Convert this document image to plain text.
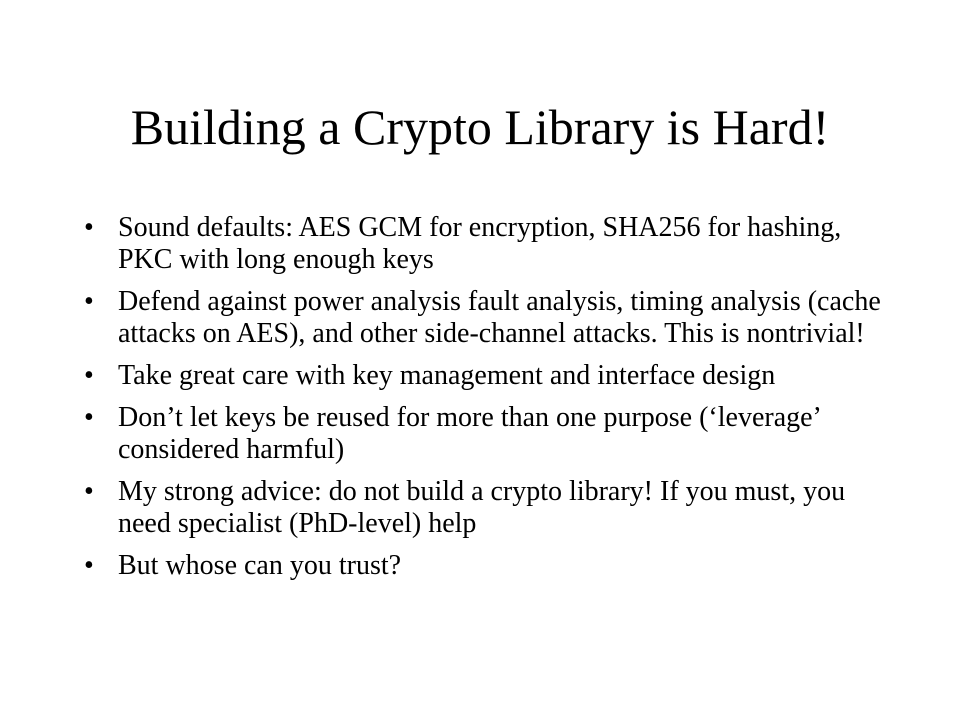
Building a Crypto Library is Hard!
• Sound defaults: AES GCM for encryption, SHA256 for hashing, PKC with long enough keys
• Defend against power analysis fault analysis, timing analysis (cache attacks on AES), and other side-channel attacks. This is nontrivial!
• Take great care with key management and interface design
• Don’t let keys be reused for more than one purpose (‘leverage’ considered harmful)
• My strong advice: do not build a crypto library! If you must, you need specialist (PhD-level) help
• But whose can you trust?
